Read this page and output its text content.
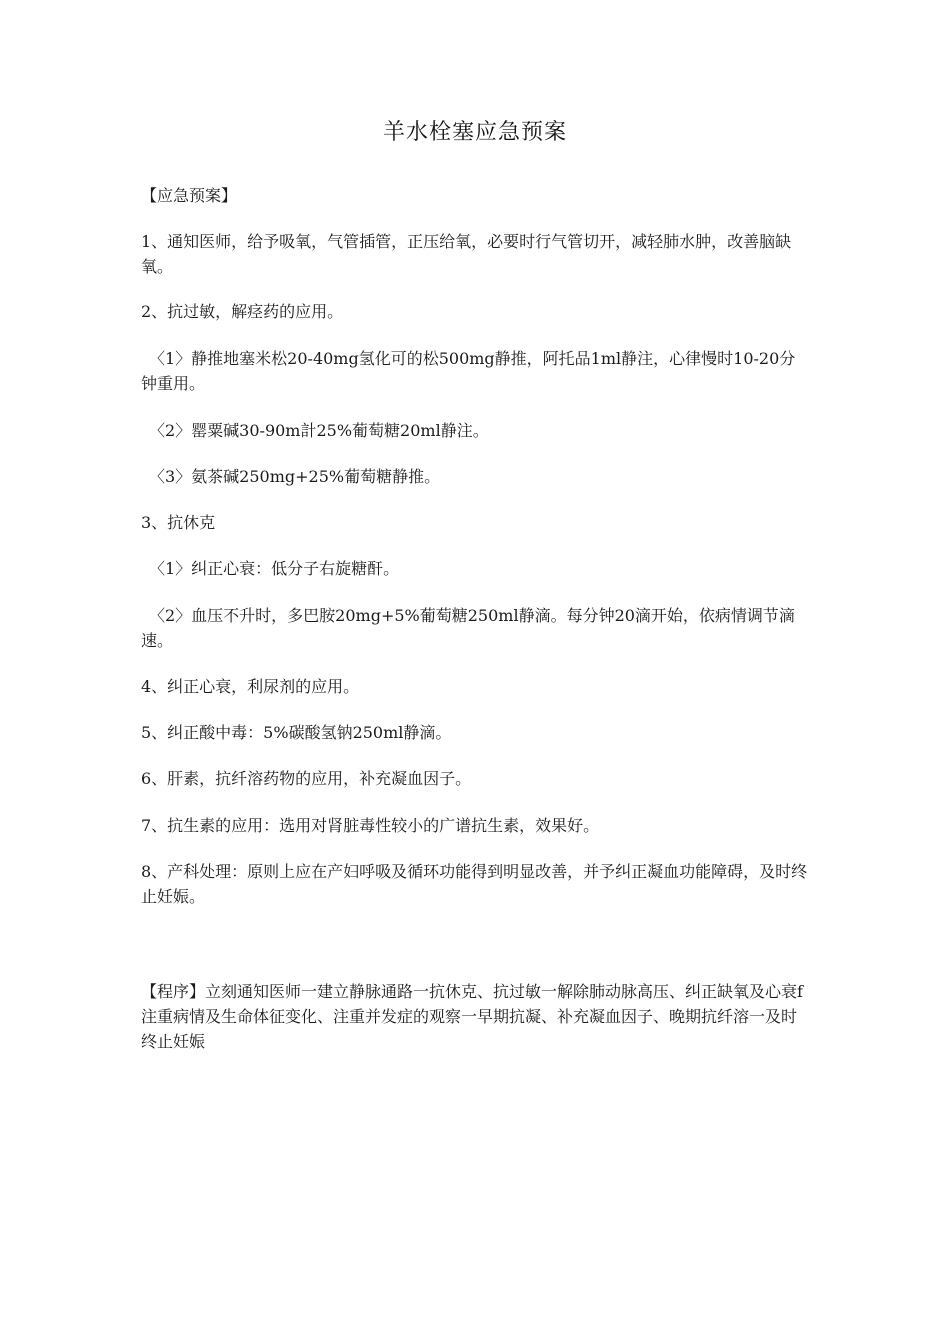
羊水栓塞应急预案

【应急预案】

1、通知医师，给予吸氧，气管插管，正压给氧，必要时行气管切开，减轻肺水肿，改善脑缺氧。

2、抗过敏，解痉药的应用。

〈1〉静推地塞米松20-40mg氢化可的松500mg静推，阿托品1ml静注，心律慢时10-20分钟重用。

〈2〉罂粟碱30-90m計25%葡萄糖20ml静注。

〈3〉氨茶碱250mg+25%葡萄糖静推。

3、抗休克

〈1〉纠正心衰：低分子右旋糖酐。

〈2〉血压不升时，多巴胺20mg+5%葡萄糖250ml静滴。每分钟20滴开始，依病情调节滴速。

4、纠正心衰，利尿剂的应用。

5、纠正酸中毒：5%碳酸氢钠250ml静滴。

6、肝素，抗纤溶药物的应用，补充凝血因子。

7、抗生素的应用：选用对肾脏毒性较小的广谱抗生素，效果好。

8、产科处理：原则上应在产妇呼吸及循环功能得到明显改善，并予纠正凝血功能障碍，及时终止妊娠。

【程序】立刻通知医师一建立静脉通路一抗休克、抗过敏一解除肺动脉高压、纠正缺氧及心衰f注重病情及生命体征变化、注重并发症的观察一早期抗凝、补充凝血因子、晚期抗纤溶一及时终止妊娠
